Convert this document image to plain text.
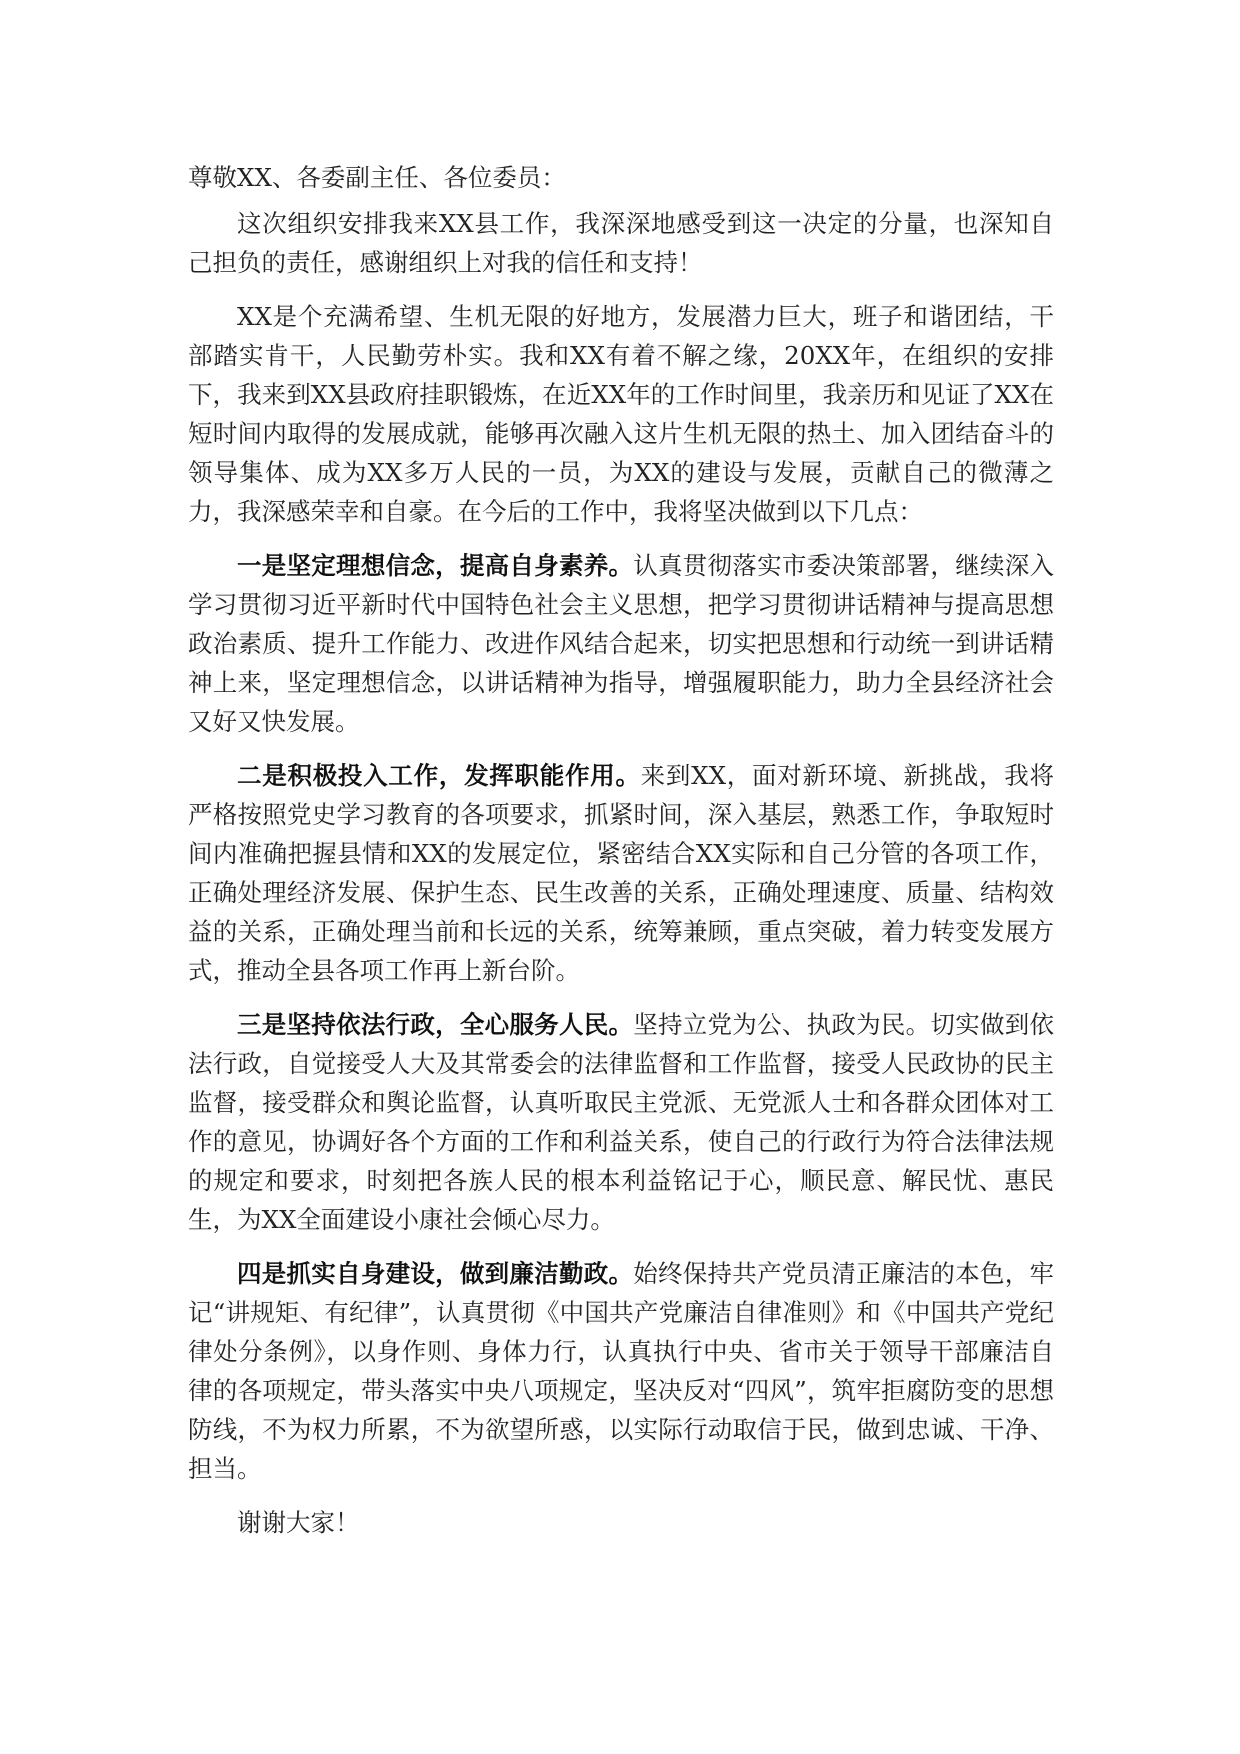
尊敬XX、各委副主任、各位委员：

这次组织安排我来XX县工作，我深深地感受到这一决定的分量，也深知自己担负的责任，感谢组织上对我的信任和支持！

XX是个充满希望、生机无限的好地方，发展潜力巨大，班子和谐团结，干部踏实肯干，人民勤劳朴实。我和XX有着不解之缘，20XX年，在组织的安排下，我来到XX县政府挂职锻炼，在近XX年的工作时间里，我亲历和见证了XX在短时间内取得的发展成就，能够再次融入这片生机无限的热土、加入团结奋斗的领导集体、成为XX多万人民的一员，为XX的建设与发展，贡献自己的微薄之力，我深感荣幸和自豪。在今后的工作中，我将坚决做到以下几点：

一是坚定理想信念，提高自身素养。认真贯彻落实市委决策部署，继续深入学习贯彻习近平新时代中国特色社会主义思想，把学习贯彻讲话精神与提高思想政治素质、提升工作能力、改进作风结合起来，切实把思想和行动统一到讲话精神上来，坚定理想信念，以讲话精神为指导，增强履职能力，助力全县经济社会又好又快发展。

二是积极投入工作，发挥职能作用。来到XX，面对新环境、新挑战，我将严格按照党史学习教育的各项要求，抓紧时间，深入基层，熟悉工作，争取短时间内准确把握县情和XX的发展定位，紧密结合XX实际和自己分管的各项工作，正确处理经济发展、保护生态、民生改善的关系，正确处理速度、质量、结构效益的关系，正确处理当前和长远的关系，统筹兼顾，重点突破，着力转变发展方式，推动全县各项工作再上新台阶。

三是坚持依法行政，全心服务人民。坚持立党为公、执政为民。切实做到依法行政，自觉接受人大及其常委会的法律监督和工作监督，接受人民政协的民主监督，接受群众和舆论监督，认真听取民主党派、无党派人士和各群众团体对工作的意见，协调好各个方面的工作和利益关系，使自己的行政行为符合法律法规的规定和要求，时刻把各族人民的根本利益铭记于心，顺民意、解民忧、惠民生，为XX全面建设小康社会倾心尽力。

四是抓实自身建设，做到廉洁勤政。始终保持共产党员清正廉洁的本色，牢记“讲规矩、有纪律”，认真贯彻《中国共产党廉洁自律准则》和《中国共产党纪律处分条例》，以身作则、身体力行，认真执行中央、省市关于领导干部廉洁自律的各项规定，带头落实中央八项规定，坚决反对“四风”，筑牢拒腐防变的思想防线，不为权力所累，不为欲望所惑，以实际行动取信于民，做到忠诚、干净、担当。

谢谢大家！
